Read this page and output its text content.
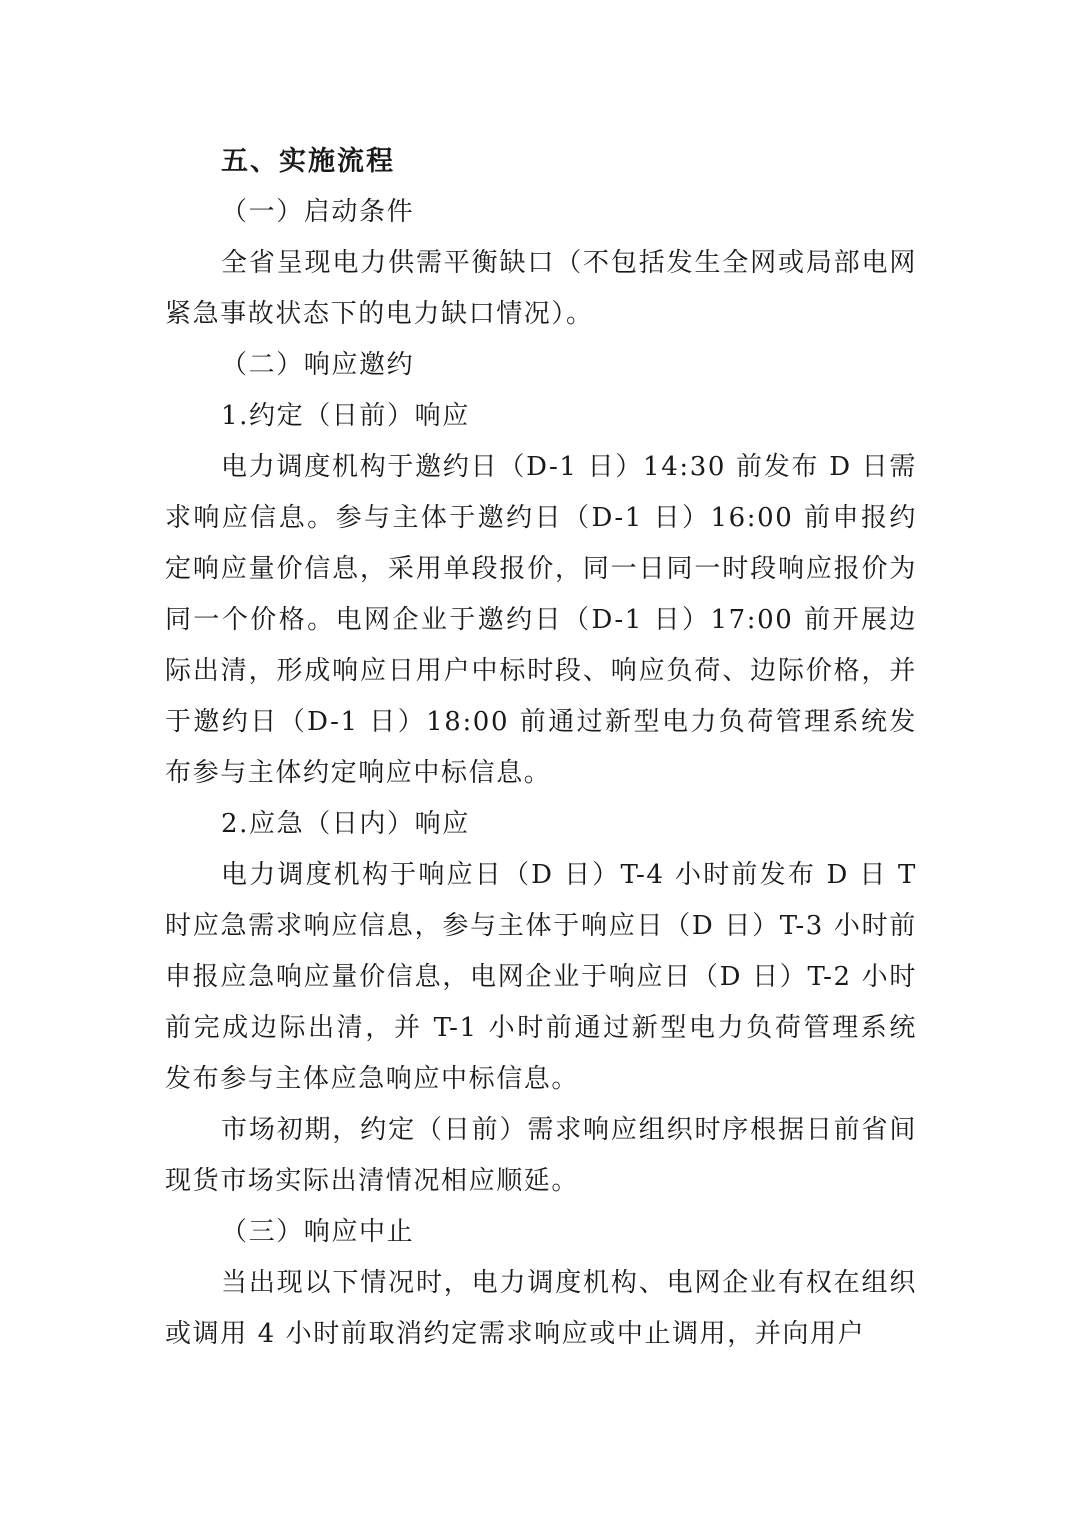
五、实施流程

（一）启动条件

全省呈现电力供需平衡缺口（不包括发生全网或局部电网紧急事故状态下的电力缺口情况）。

（二）响应邀约

1.约定（日前）响应

电力调度机构于邀约日（D-1 日）14:30 前发布 D 日需求响应信息。参与主体于邀约日（D-1 日）16:00 前申报约定响应量价信息，采用单段报价，同一日同一时段响应报价为同一个价格。电网企业于邀约日（D-1 日）17:00 前开展边际出清，形成响应日用户中标时段、响应负荷、边际价格，并于邀约日（D-1 日）18:00 前通过新型电力负荷管理系统发布参与主体约定响应中标信息。

2.应急（日内）响应

电力调度机构于响应日（D 日）T-4 小时前发布 D 日 T 时应急需求响应信息，参与主体于响应日（D 日）T-3 小时前申报应急响应量价信息，电网企业于响应日（D 日）T-2 小时前完成边际出清，并 T-1 小时前通过新型电力负荷管理系统发布参与主体应急响应中标信息。

市场初期，约定（日前）需求响应组织时序根据日前省间现货市场实际出清情况相应顺延。

（三）响应中止

当出现以下情况时，电力调度机构、电网企业有权在组织或调用 4 小时前取消约定需求响应或中止调用，并向用户
